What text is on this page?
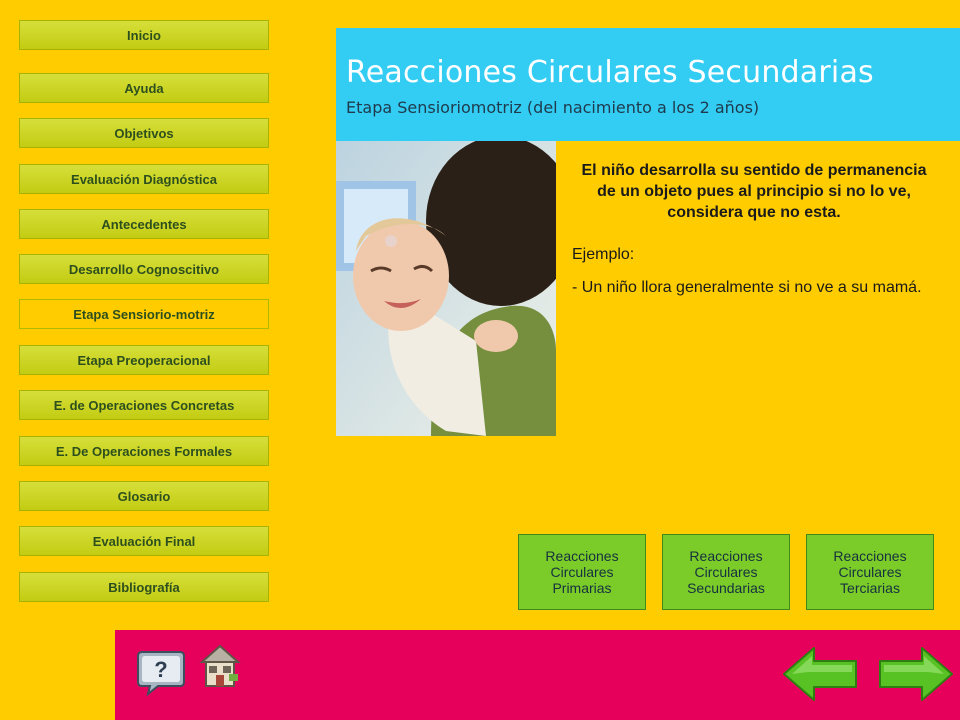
Inicio
Ayuda
Objetivos
Evaluación Diagnóstica
Antecedentes
Desarrollo Cognoscitivo
Etapa Sensiorio-motriz
Etapa Preoperacional
E. de Operaciones Concretas
E. De Operaciones Formales
Glosario
Evaluación Final
Bibliografía
Reacciones Circulares Secundarias
Etapa Sensioriomotriz (del nacimiento a los 2 años)

El niño desarrolla su sentido de permanencia de un objeto pues al principio si no lo ve, considera que no esta.

Ejemplo:

- Un niño llora generalmente si no ve a su mamá.

Reacciones
Circulares
Primarias
Reacciones
Circulares
Secundarias
Reacciones
Circulares
Terciarias
?
